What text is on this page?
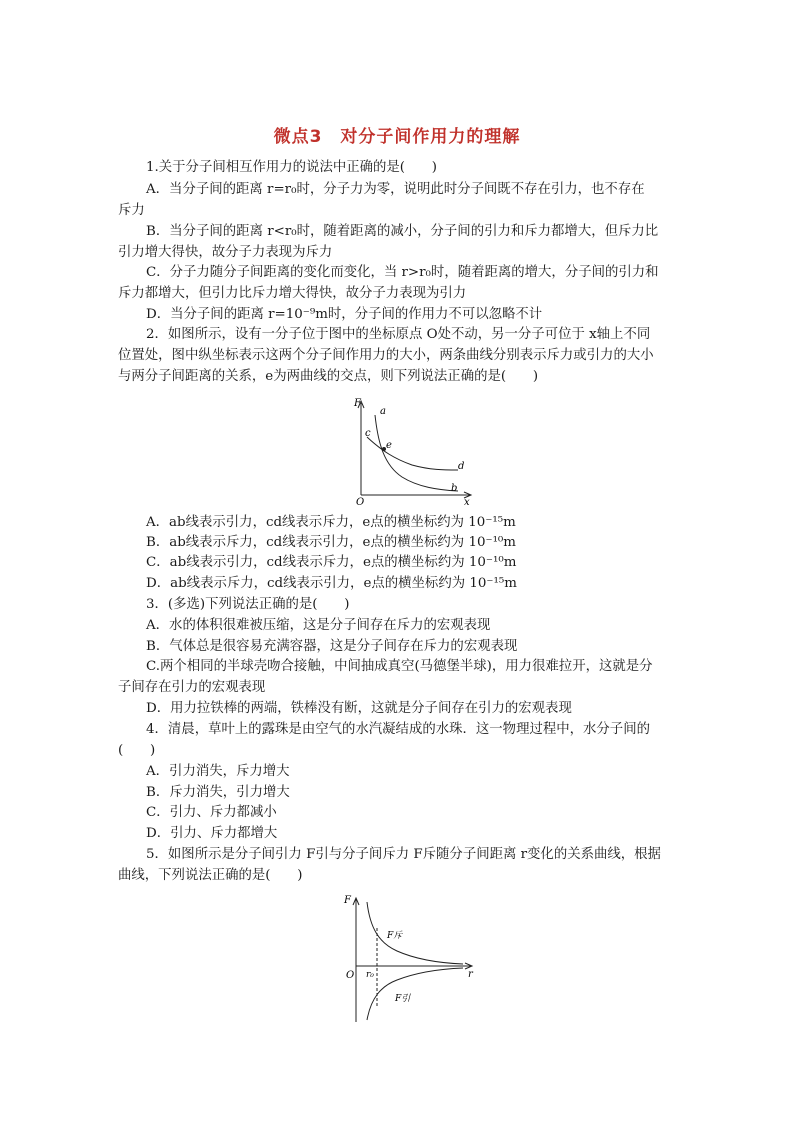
微点3　对分子间作用力的理解
1.关于分子间相互作用力的说法中正确的是(　　)
A．当分子间的距离 r=r₀时，分子力为零，说明此时分子间既不存在引力，也不存在
斥力
B．当分子间的距离 r<r₀时，随着距离的减小，分子间的引力和斥力都增大，但斥力比
引力增大得快，故分子力表现为斥力
C．分子力随分子间距离的变化而变化，当 r>r₀时，随着距离的增大，分子间的引力和
斥力都增大，但引力比斥力增大得快，故分子力表现为引力
D．当分子间的距离 r=10⁻⁹m时，分子间的作用力不可以忽略不计
2．如图所示，设有一分子位于图中的坐标原点 O处不动，另一分子可位于 x轴上不同
位置处，图中纵坐标表示这两个分子间作用力的大小，两条曲线分别表示斥力或引力的大小
与两分子间距离的关系，e为两曲线的交点，则下列说法正确的是(　　)
F
x
O
a
b
c
d
e
A．ab线表示引力，cd线表示斥力，e点的横坐标约为 10⁻¹⁵m
B．ab线表示斥力，cd线表示引力，e点的横坐标约为 10⁻¹⁰m
C．ab线表示引力，cd线表示斥力，e点的横坐标约为 10⁻¹⁰m
D．ab线表示斥力，cd线表示引力，e点的横坐标约为 10⁻¹⁵m
3．(多选)下列说法正确的是(　　)
A．水的体积很难被压缩，这是分子间存在斥力的宏观表现
B．气体总是很容易充满容器，这是分子间存在斥力的宏观表现
C.两个相同的半球壳吻合接触，中间抽成真空(马德堡半球)，用力很难拉开，这就是分
子间存在引力的宏观表现
D．用力拉铁棒的两端，铁棒没有断，这就是分子间存在引力的宏观表现
4．清晨，草叶上的露珠是由空气的水汽凝结成的水珠．这一物理过程中，水分子间的
(　　)
A．引力消失，斥力增大
B．斥力消失，引力增大
C．引力、斥力都减小
D．引力、斥力都增大
5．如图所示是分子间引力 F引与分子间斥力 F斥随分子间距离 r变化的关系曲线，根据
曲线，下列说法正确的是(　　)
F
r
O r₀
F斥
F引
